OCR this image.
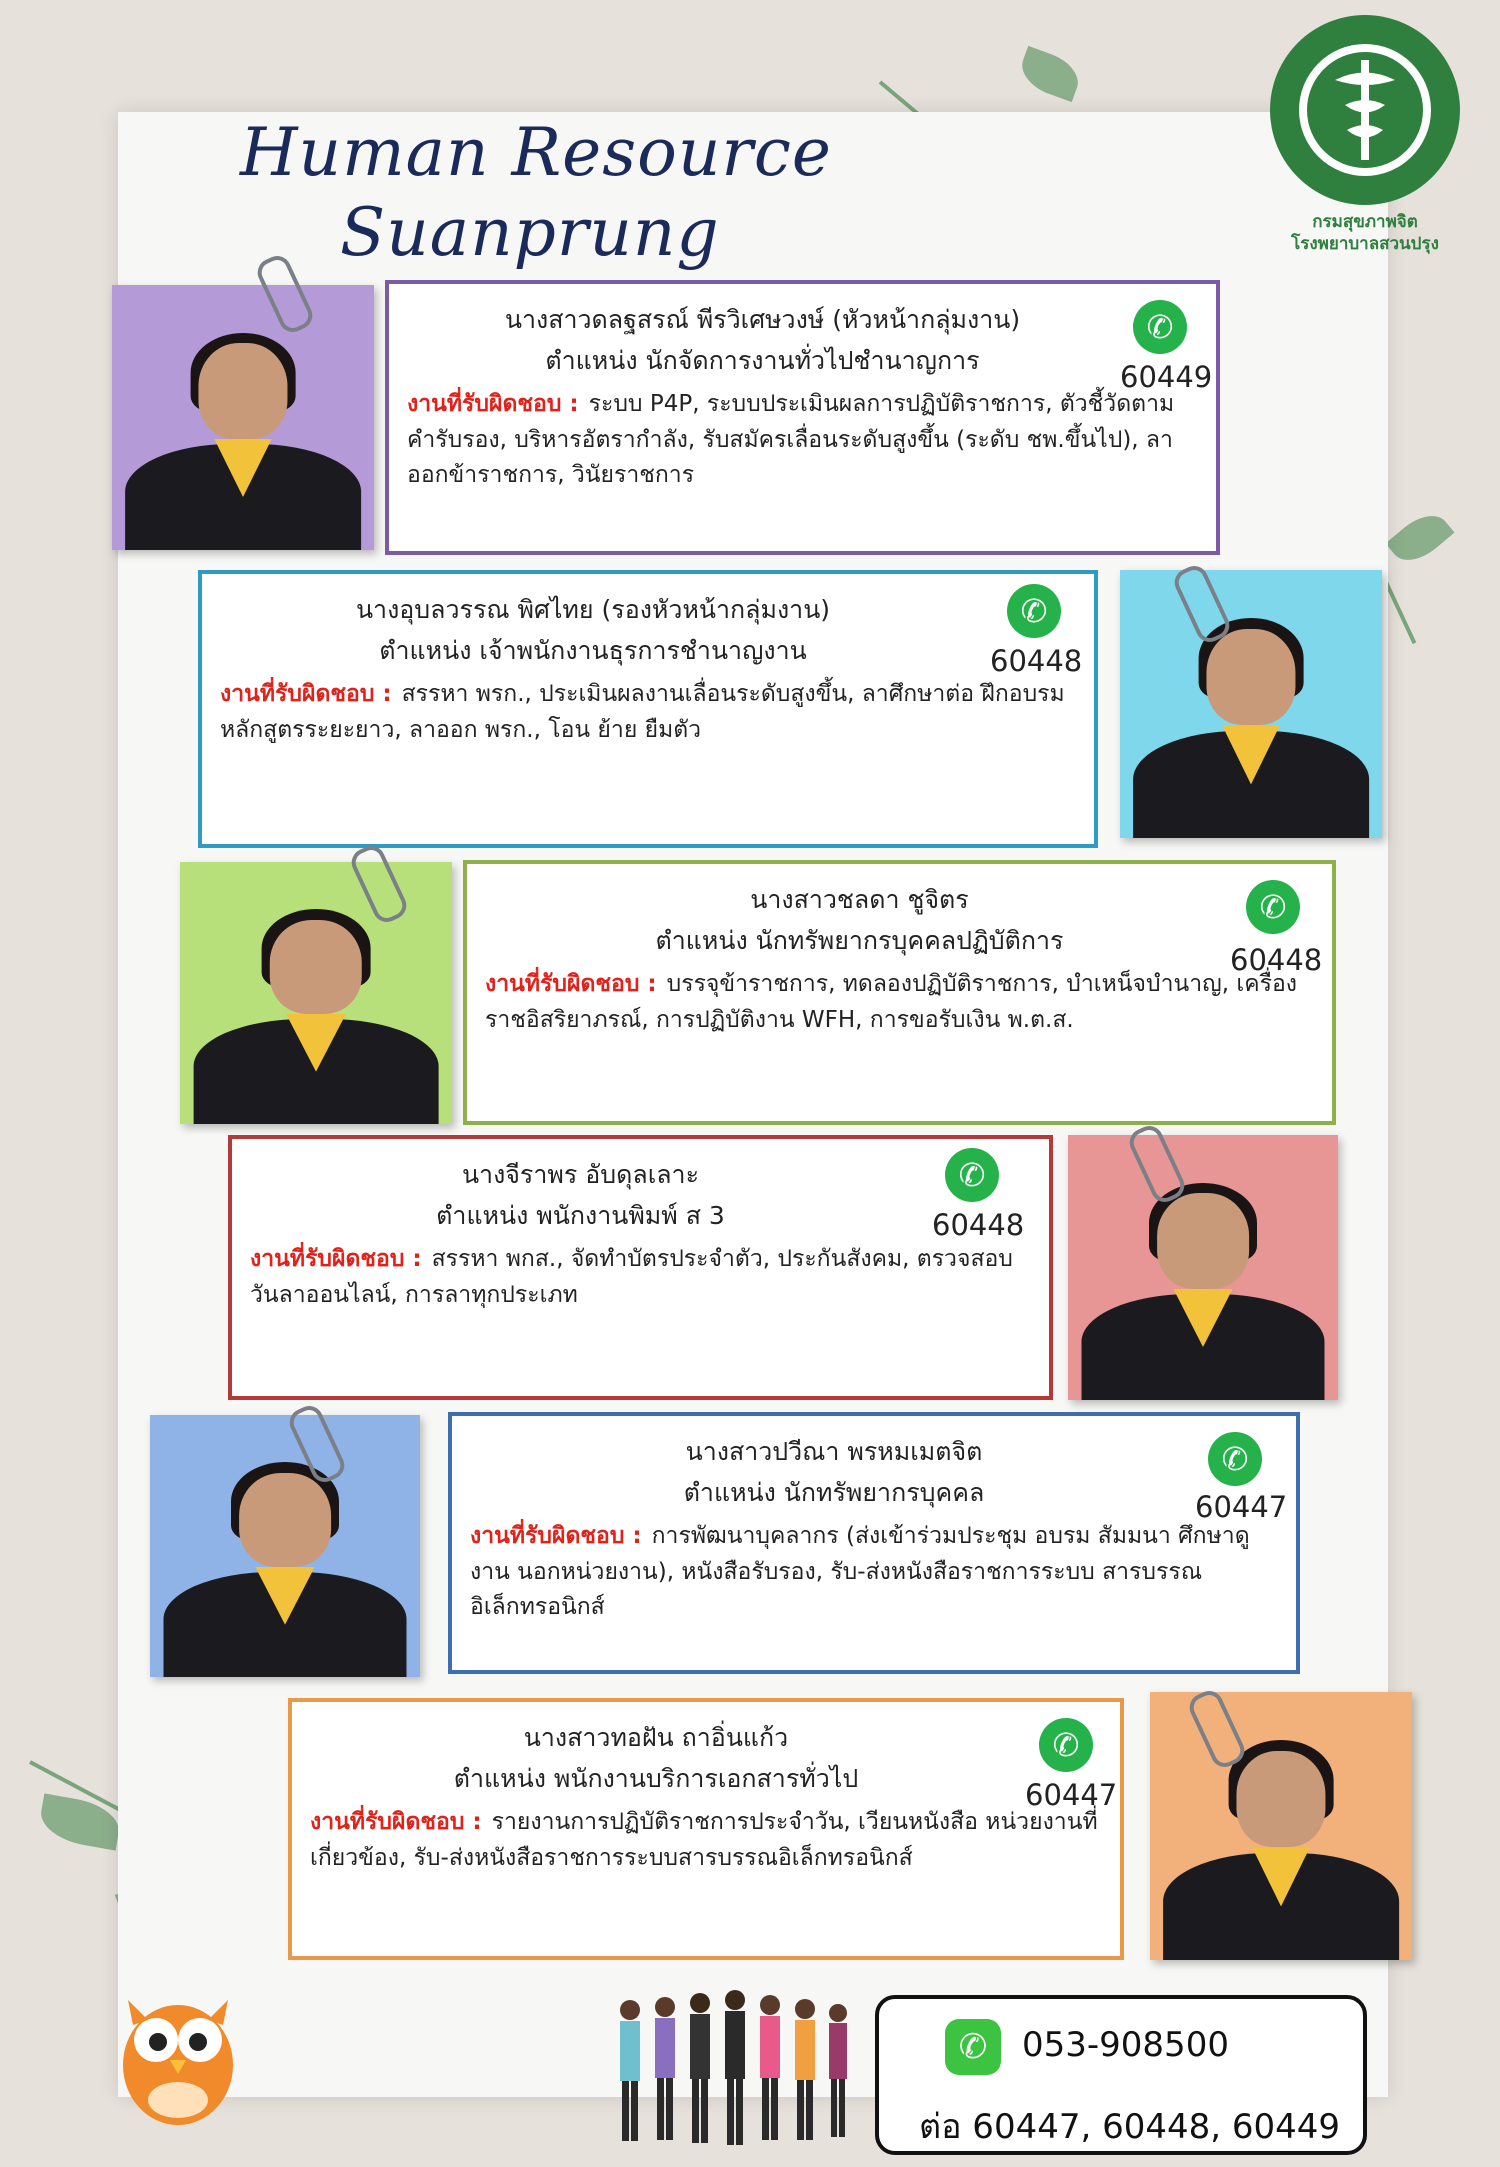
Human Resource
Suanprung	กรมสุขภาพจิต
โรงพยาบาลสวนปรุง
นางสาวดลฐสรณ์ พีรวิเศษวงษ์ (หัวหน้ากลุ่มงาน)
ตำแหน่ง นักจัดการงานทั่วไปชำนาญการ
งานที่รับผิดชอบ : ระบบ P4P, ระบบประเมินผลการปฏิบัติราชการ, ตัวชี้วัดตามคำรับรอง, บริหารอัตรากำลัง, รับสมัครเลื่อนระดับสูงขึ้น (ระดับ ชพ.ขึ้นไป), ลาออกข้าราชการ, วินัยราชการ
✆
60449
นางอุบลวรรณ พิศไทย (รองหัวหน้ากลุ่มงาน)
ตำแหน่ง เจ้าพนักงานธุรการชำนาญงาน
งานที่รับผิดชอบ : สรรหา พรก., ประเมินผลงานเลื่อนระดับสูงขึ้น, ลาศึกษาต่อ ฝึกอบรมหลักสูตรระยะยาว, ลาออก พรก., โอน ย้าย ยืมตัว
✆
60448
นางสาวชลดา ชูจิตร
ตำแหน่ง นักทรัพยากรบุคคลปฏิบัติการ
งานที่รับผิดชอบ : บรรจุข้าราชการ, ทดลองปฏิบัติราชการ, บำเหน็จบำนาญ, เครื่องราชอิสริยาภรณ์, การปฏิบัติงาน WFH, การขอรับเงิน พ.ต.ส.
✆
60448
นางจีราพร อับดุลเลาะ
ตำแหน่ง พนักงานพิมพ์ ส 3
งานที่รับผิดชอบ : สรรหา พกส., จัดทำบัตรประจำตัว, ประกันสังคม, ตรวจสอบวันลาออนไลน์, การลาทุกประเภท
✆
60448
นางสาวปวีณา พรหมเมตจิต
ตำแหน่ง นักทรัพยากรบุคคล
งานที่รับผิดชอบ : การพัฒนาบุคลากร (ส่งเข้าร่วมประชุม อบรม สัมมนา ศึกษาดูงาน นอกหน่วยงาน), หนังสือรับรอง, รับ-ส่งหนังสือราชการระบบ สารบรรณอิเล็กทรอนิกส์
✆
60447
นางสาวทอฝัน ถาอิ่นแก้ว
ตำแหน่ง พนักงานบริการเอกสารทั่วไป
งานที่รับผิดชอบ : รายงานการปฏิบัติราชการประจำวัน, เวียนหนังสือ หน่วยงานที่เกี่ยวข้อง, รับ-ส่งหนังสือราชการระบบสารบรรณอิเล็กทรอนิกส์
✆
60447
✆	053-908500
ต่อ 60447, 60448, 60449
